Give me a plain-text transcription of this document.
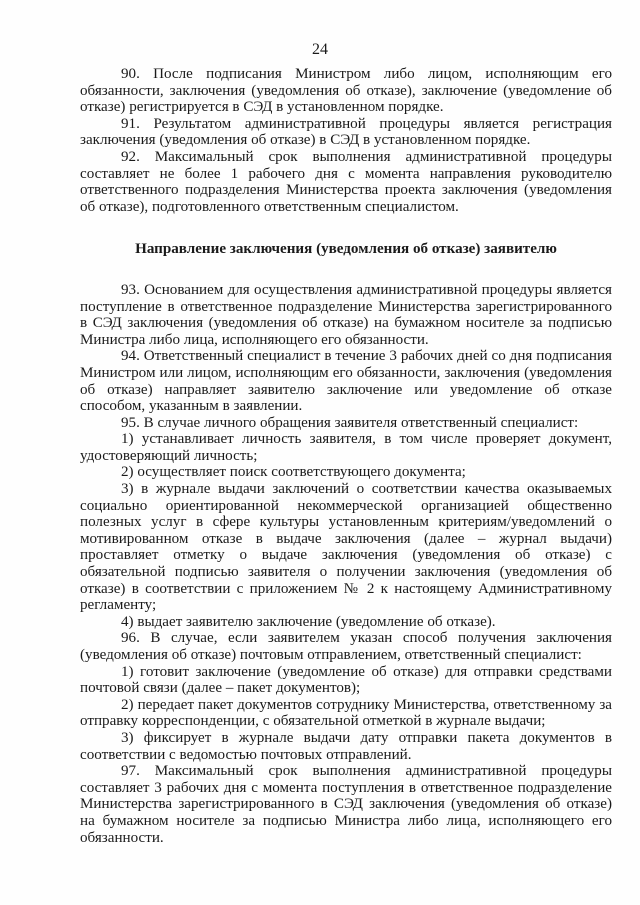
24

90. После подписания Министром либо лицом, исполняющим его обязанности, заключения (уведомления об отказе), заключение (уведомление об отказе) регистрируется в СЭД в установленном порядке.

91. Результатом административной процедуры является регистрация заключения (уведомления об отказе) в СЭД в установленном порядке.

92. Максимальный срок выполнения административной процедуры составляет не более 1 рабочего дня с момента направления руководителю ответственного подразделения Министерства проекта заключения (уведомления об отказе), подготовленного ответственным специалистом.

Направление заключения (уведомления об отказе) заявителю

93. Основанием для осуществления административной процедуры является поступление в ответственное подразделение Министерства зарегистрированного в СЭД заключения (уведомления об отказе) на бумажном носителе за подписью Министра либо лица, исполняющего его обязанности.

94. Ответственный специалист в течение 3 рабочих дней со дня подписания Министром или лицом, исполняющим его обязанности, заключения (уведомления об отказе) направляет заявителю заключение или уведомление об отказе способом, указанным в заявлении.

95. В случае личного обращения заявителя ответственный специалист:

1) устанавливает личность заявителя, в том числе проверяет документ, удостоверяющий личность;

2) осуществляет поиск соответствующего документа;

3) в журнале выдачи заключений о соответствии качества оказываемых социально ориентированной некоммерческой организацией общественно полезных услуг в сфере культуры установленным критериям/уведомлений о мотивированном отказе в выдаче заключения (далее – журнал выдачи) проставляет отметку о выдаче заключения (уведомления об отказе) с обязательной подписью заявителя о получении заключения (уведомления об отказе) в соответствии с приложением № 2 к настоящему Административному регламенту;

4) выдает заявителю заключение (уведомление об отказе).

96. В случае, если заявителем указан способ получения заключения (уведомления об отказе) почтовым отправлением, ответственный специалист:

1) готовит заключение (уведомление об отказе) для отправки средствами почтовой связи (далее – пакет документов);

2) передает пакет документов сотруднику Министерства, ответственному за отправку корреспонденции, с обязательной отметкой в журнале выдачи;

3) фиксирует в журнале выдачи дату отправки пакета документов в соответствии с ведомостью почтовых отправлений.

97. Максимальный срок выполнения административной процедуры составляет 3 рабочих дня с момента поступления в ответственное подразделение Министерства зарегистрированного в СЭД заключения (уведомления об отказе) на бумажном носителе за подписью Министра либо лица, исполняющего его обязанности.
